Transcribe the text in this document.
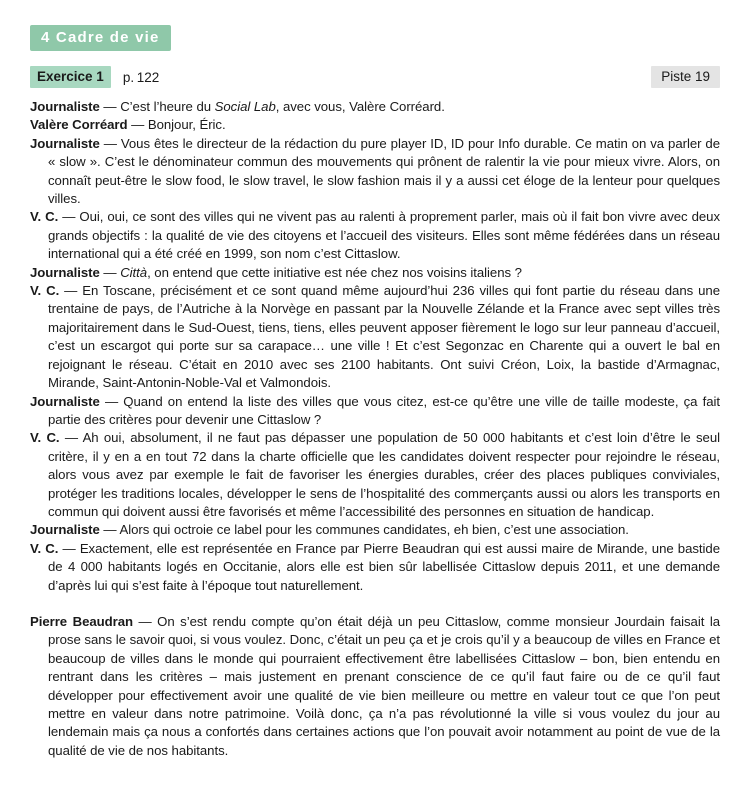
4 Cadre de vie
Exercice 1	p. 122	Piste 19

Journaliste — C’est l’heure du Social Lab, avec vous, Valère Corréard.

Valère Corréard — Bonjour, Éric.

Journaliste — Vous êtes le directeur de la rédaction du pure player ID, ID pour Info durable. Ce matin on va parler de « slow ». C’est le dénominateur commun des mouvements qui prônent de ralentir la vie pour mieux vivre. Alors, on connaît peut-être le slow food, le slow travel, le slow fashion mais il y a aussi cet éloge de la lenteur pour quelques villes.

V. C. — Oui, oui, ce sont des villes qui ne vivent pas au ralenti à proprement parler, mais où il fait bon vivre avec deux grands objectifs : la qualité de vie des citoyens et l’accueil des visiteurs. Elles sont même fédérées dans un réseau international qui a été créé en 1999, son nom c’est Cittaslow.

Journaliste — Città, on entend que cette initiative est née chez nos voisins italiens ?

V. C. — En Toscane, précisément et ce sont quand même aujourd’hui 236 villes qui font partie du réseau dans une trentaine de pays, de l’Autriche à la Norvège en passant par la Nouvelle Zélande et la France avec sept villes très majoritairement dans le Sud-Ouest, tiens, tiens, elles peuvent apposer fièrement le logo sur leur panneau d’accueil, c’est un escargot qui porte sur sa carapace… une ville ! Et c’est Segonzac en Charente qui a ouvert le bal en rejoignant le réseau. C’était en 2010 avec ses 2100 habitants. Ont suivi Créon, Loix, la bastide d’Armagnac, Mirande, Saint-Antonin-Noble-Val et Valmondois.

Journaliste — Quand on entend la liste des villes que vous citez, est-ce qu’être une ville de taille modeste, ça fait partie des critères pour devenir une Cittaslow ?

V. C. — Ah oui, absolument, il ne faut pas dépasser une population de 50 000 habitants et c’est loin d’être le seul critère, il y en a en tout 72 dans la charte officielle que les candidates doivent respecter pour rejoindre le réseau, alors vous avez par exemple le fait de favoriser les énergies durables, créer des places publiques conviviales, protéger les traditions locales, développer le sens de l’hospitalité des commerçants aussi ou alors les transports en commun qui doivent aussi être favorisés et même l’accessibilité des personnes en situation de handicap.

Journaliste — Alors qui octroie ce label pour les communes candidates, eh bien, c’est une association.

V. C. — Exactement, elle est représentée en France par Pierre Beaudran qui est aussi maire de Mirande, une bastide de 4 000 habitants logés en Occitanie, alors elle est bien sûr labellisée Cittaslow depuis 2011, et une demande d’après lui qui s’est faite à l’époque tout naturellement.

Pierre Beaudran — On s’est rendu compte qu’on était déjà un peu Cittaslow, comme monsieur Jourdain faisait la prose sans le savoir quoi, si vous voulez. Donc, c’était un peu ça et je crois qu’il y a beaucoup de villes en France et beaucoup de villes dans le monde qui pourraient effectivement être labellisées Cittaslow – bon, bien entendu en rentrant dans les critères – mais justement en prenant conscience de ce qu’il faut faire ou de ce qu’il faut développer pour effectivement avoir une qualité de vie bien meilleure ou mettre en valeur tout ce que l’on peut mettre en valeur dans notre patrimoine. Voilà donc, ça n’a pas révolutionné la ville si vous voulez du jour au lendemain mais ça nous a confortés dans certaines actions que l’on pouvait avoir notamment au point de vue de la qualité de vie de nos habitants.
